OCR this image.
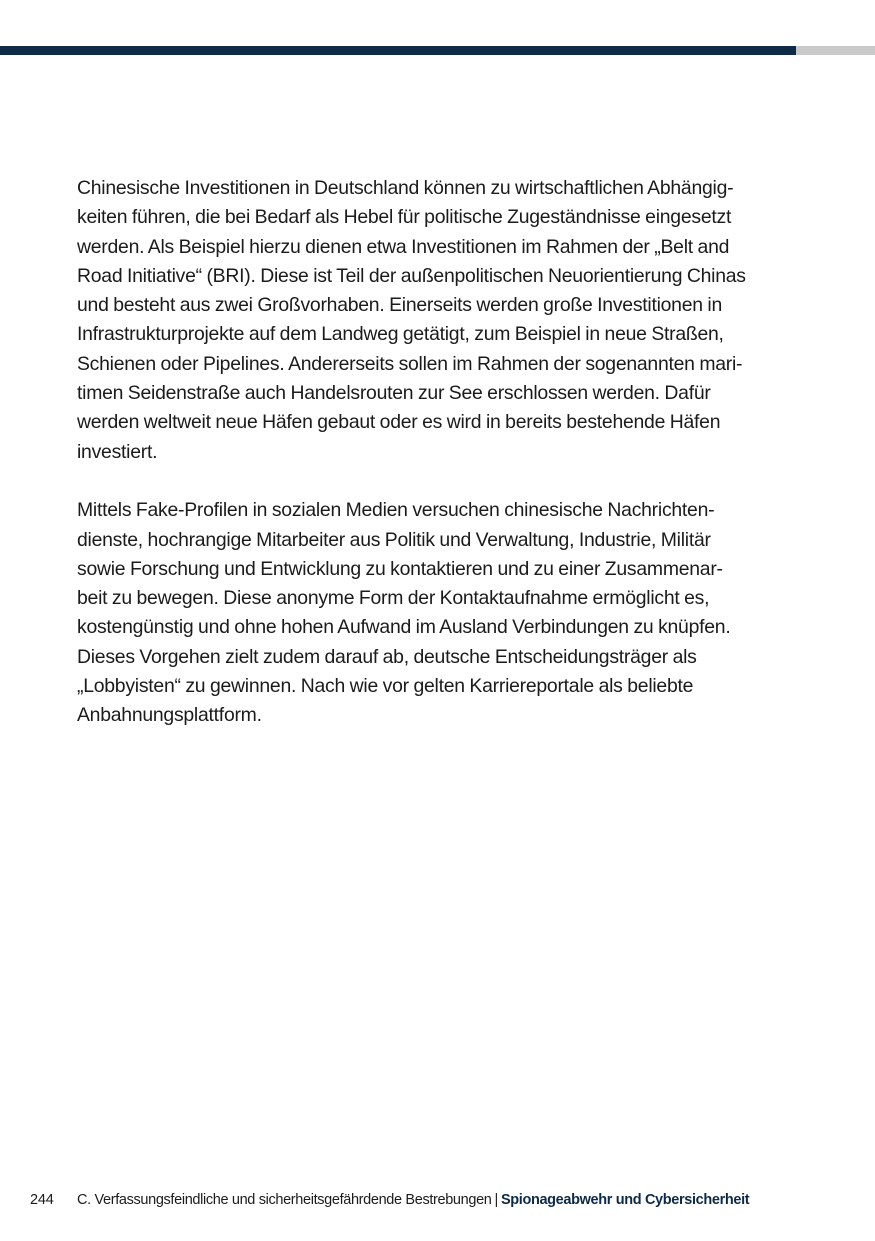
Chinesische Investitionen in Deutschland können zu wirtschaftlichen Abhängig-
keiten führen, die bei Bedarf als Hebel für politische Zugeständnisse eingesetzt
werden. Als Beispiel hierzu dienen etwa Investitionen im Rahmen der „Belt and
Road Initiative“ (BRI). Diese ist Teil der außenpolitischen Neuorientierung Chinas
und besteht aus zwei Großvorhaben. Einerseits werden große Investitionen in
Infrastrukturprojekte auf dem Landweg getätigt, zum Beispiel in neue Straßen,
Schienen oder Pipelines. Andererseits sollen im Rahmen der sogenannten mari-
timen Seidenstraße auch Handelsrouten zur See erschlossen werden. Dafür
werden weltweit neue Häfen gebaut oder es wird in bereits bestehende Häfen
investiert.

Mittels Fake-Profilen in sozialen Medien versuchen chinesische Nachrichten-
dienste, hochrangige Mitarbeiter aus Politik und Verwaltung, Industrie, Militär
sowie Forschung und Entwicklung zu kontaktieren und zu einer Zusammenar-
beit zu bewegen. Diese anonyme Form der Kontaktaufnahme ermöglicht es,
kostengünstig und ohne hohen Aufwand im Ausland Verbindungen zu knüpfen.
Dieses Vorgehen zielt zudem darauf ab, deutsche Entscheidungsträger als
„Lobbyisten“ zu gewinnen. Nach wie vor gelten Karriereportale als beliebte
Anbahnungsplattform.

244 C. Verfassungsfeindliche und sicherheitsgefährdende Bestrebungen | Spionageabwehr und Cybersicherheit
